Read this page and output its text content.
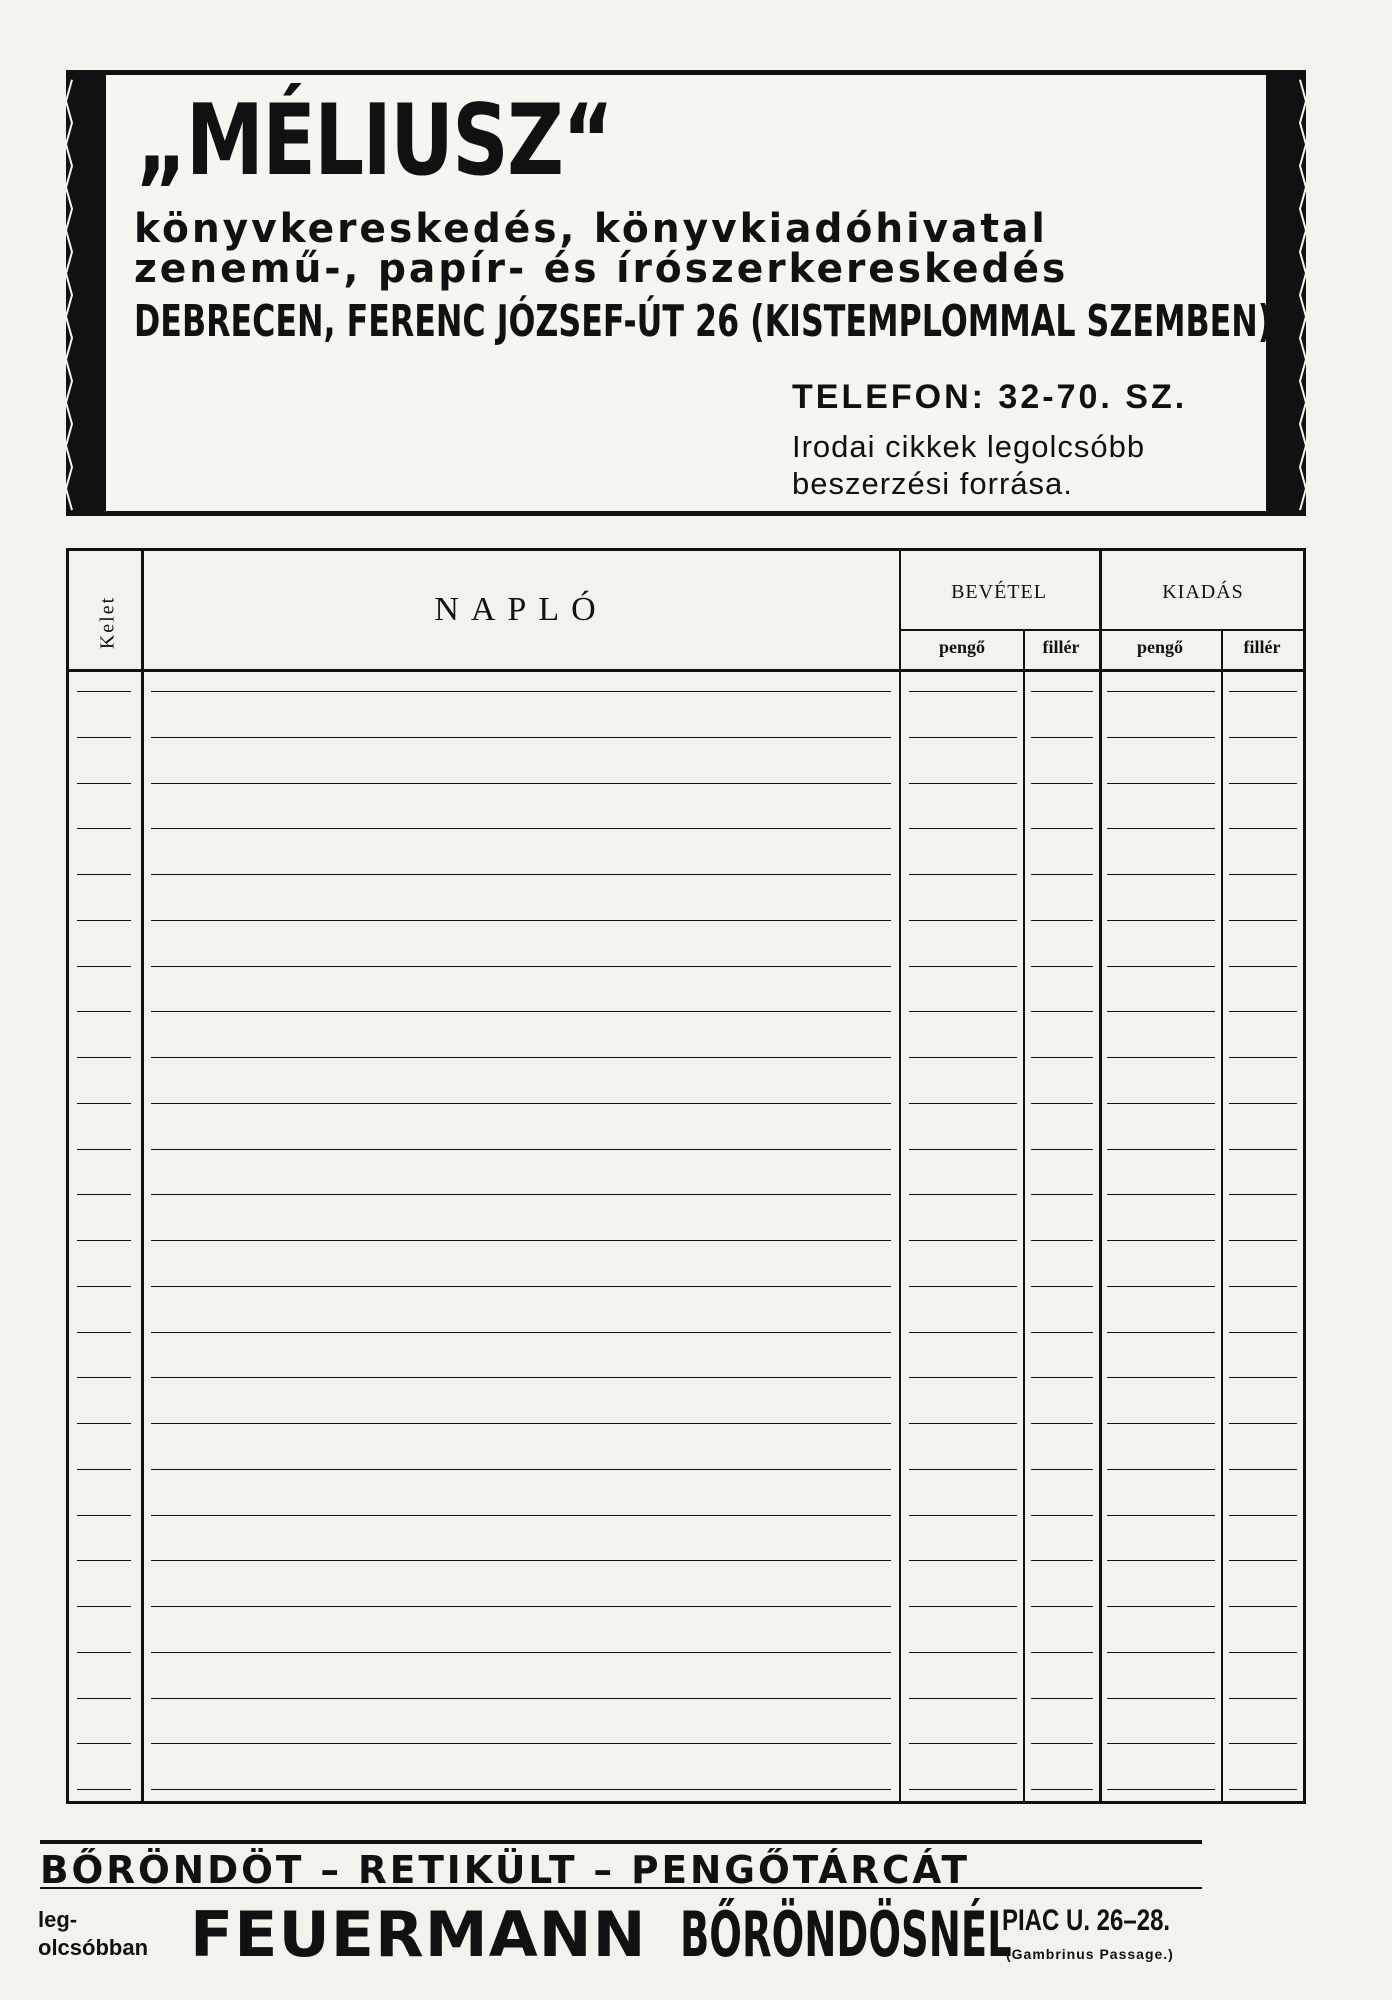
„MÉLIUSZ“
könyvkereskedés, könyvkiadóhivatal
zenemű-, papír- és írószerkereskedés
DEBRECEN, FERENC JÓZSEF-ÚT 26 (KISTEMPLOMMAL SZEMBEN)
TELEFON: 32-70. SZ.
Irodai cikkek legolcsóbb
beszerzési forrása.
Kelet	NAPLÓ	BEVÉTEL	KIADÁS
pengő	fillér	pengő	fillér
BŐRÖNDÖT – RETIKÜLT – PENGŐTÁRCÁT
leg-
olcsóbban FEUERMANN BŐRÖNDÖSNÉL
PIAC U. 26–28.
(Gambrinus Passage.)
